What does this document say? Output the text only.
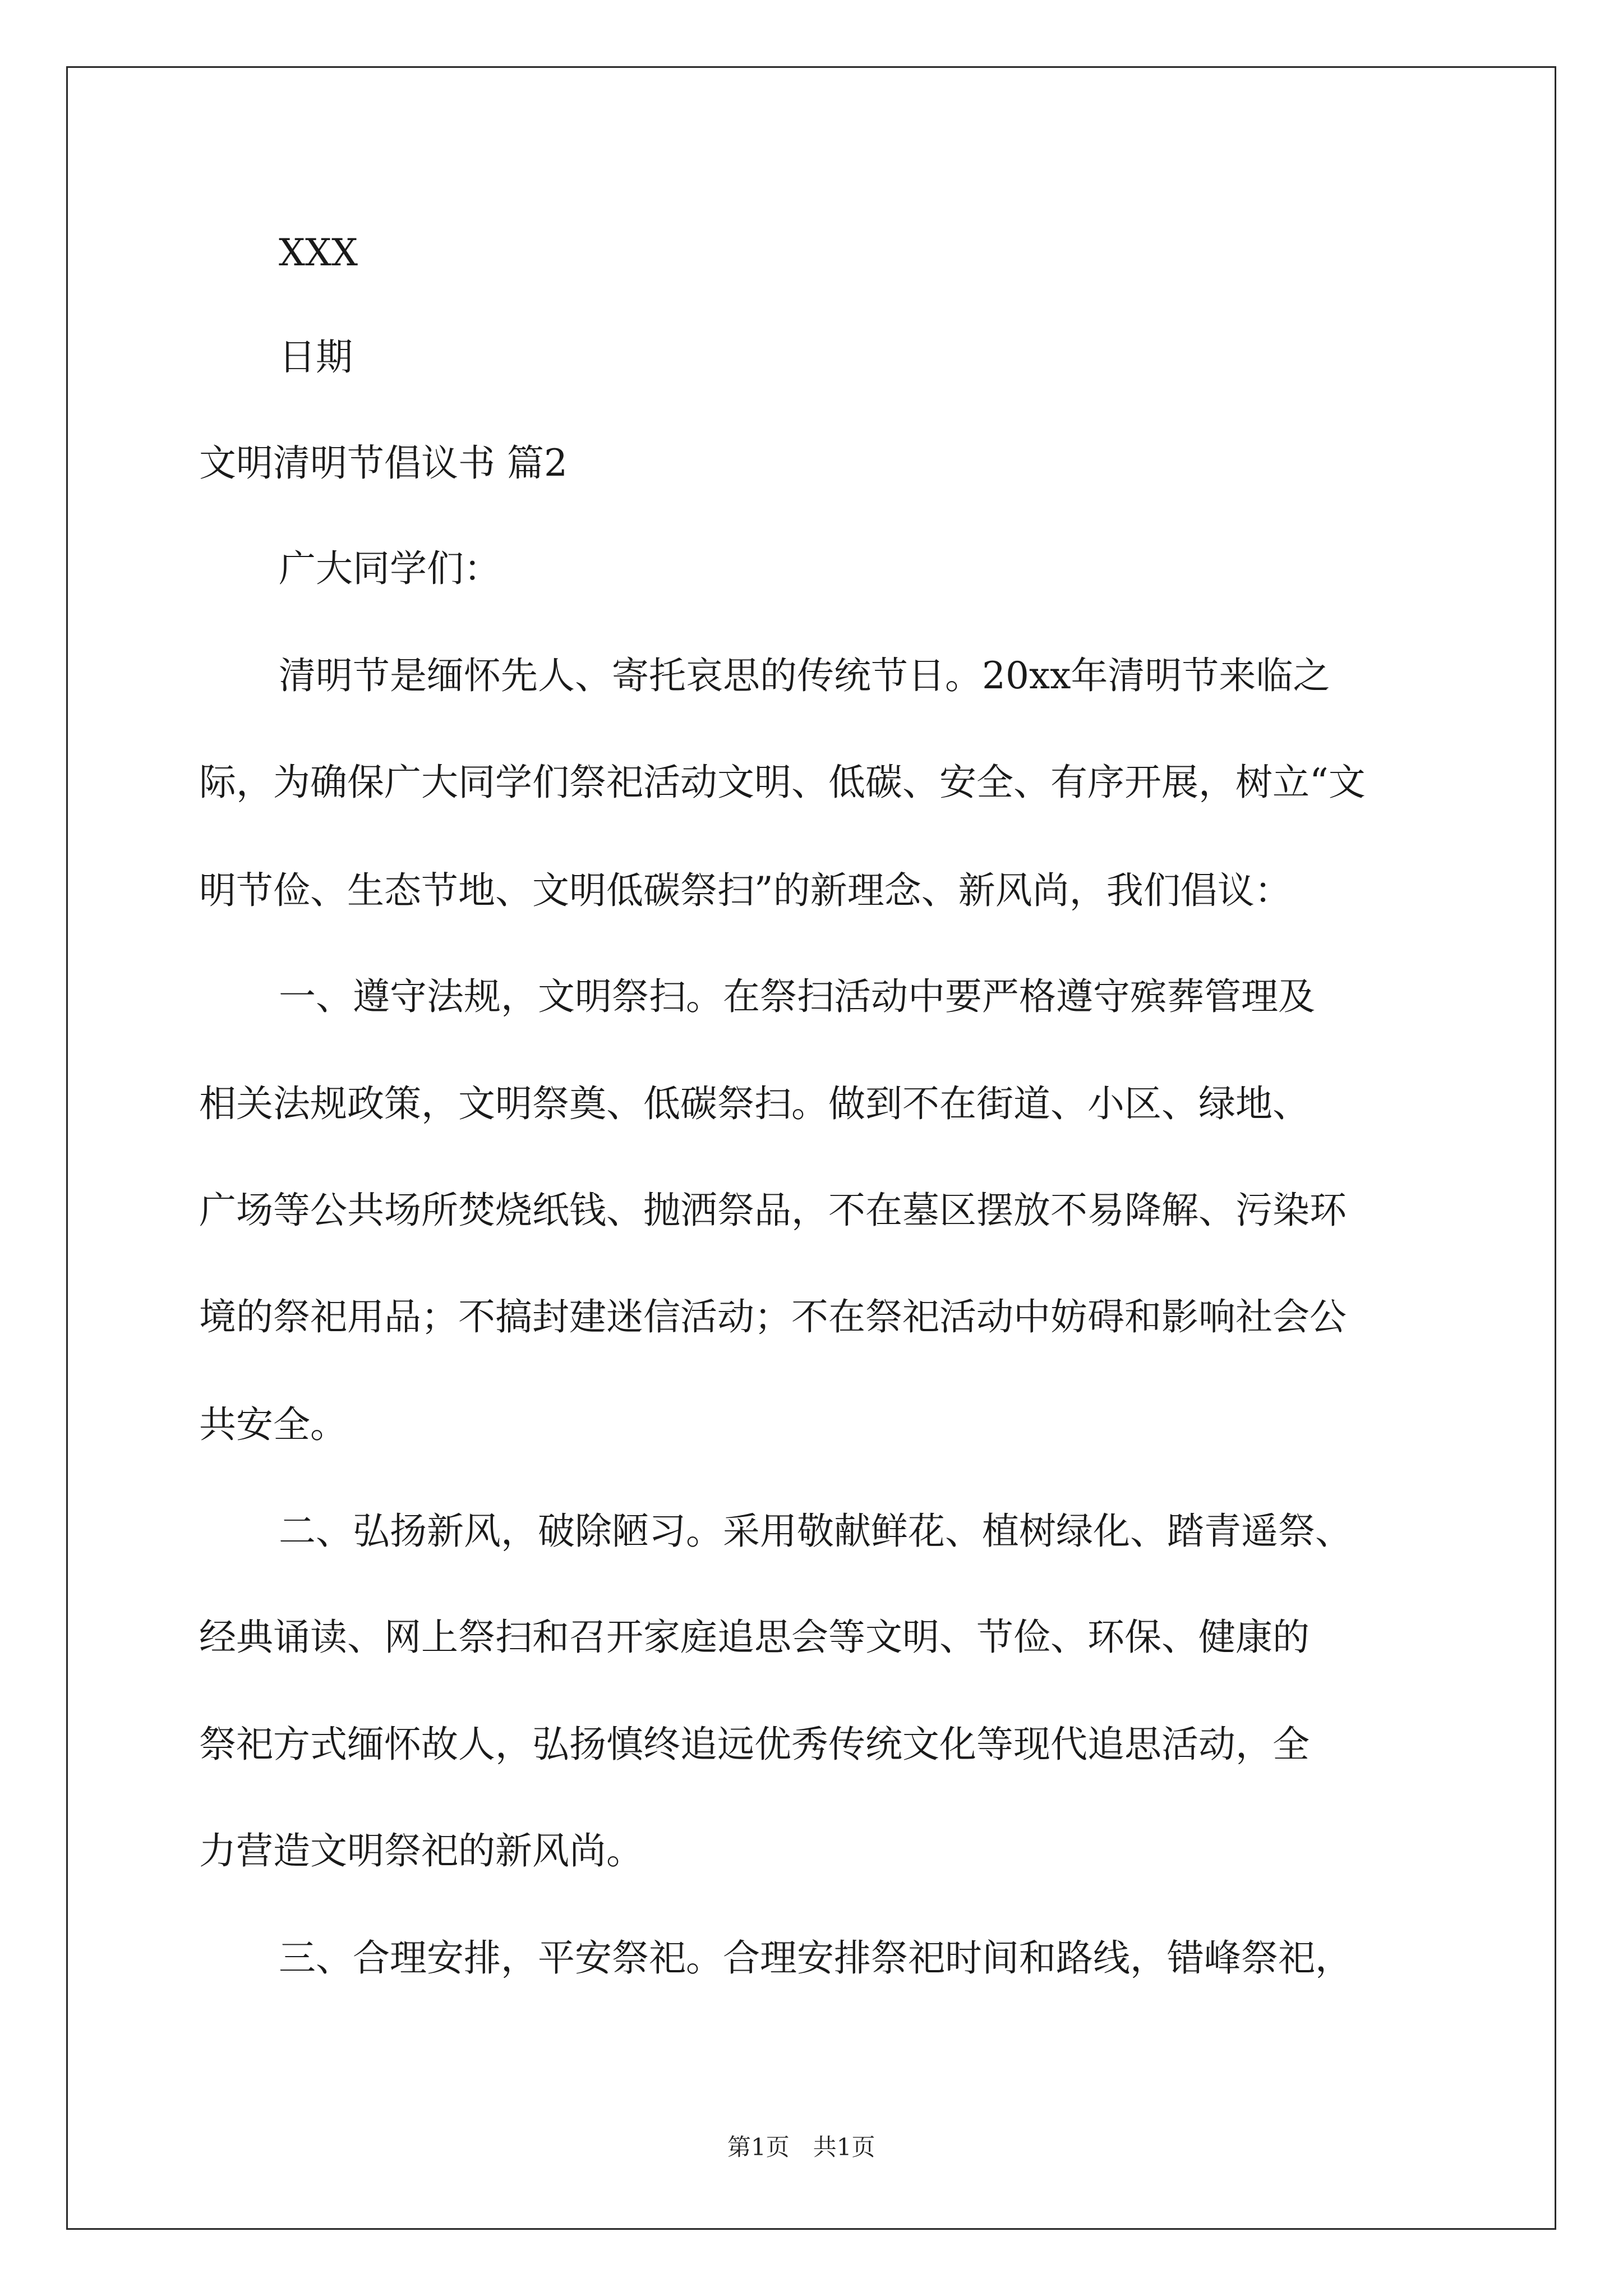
XXX
日期
文明清明节倡议书 篇2
广大同学们：
清明节是缅怀先人、寄托哀思的传统节日。20xx年清明节来临之
际，为确保广大同学们祭祀活动文明、低碳、安全、有序开展，树立“文
明节俭、生态节地、文明低碳祭扫”的新理念、新风尚，我们倡议：
一、遵守法规，文明祭扫。在祭扫活动中要严格遵守殡葬管理及
相关法规政策，文明祭奠、低碳祭扫。做到不在街道、小区、绿地、
广场等公共场所焚烧纸钱、抛洒祭品，不在墓区摆放不易降解、污染环
境的祭祀用品；不搞封建迷信活动；不在祭祀活动中妨碍和影响社会公
共安全。
二、弘扬新风，破除陋习。采用敬献鲜花、植树绿化、踏青遥祭、
经典诵读、网上祭扫和召开家庭追思会等文明、节俭、环保、健康的
祭祀方式缅怀故人，弘扬慎终追远优秀传统文化等现代追思活动，全
力营造文明祭祀的新风尚。
三、合理安排，平安祭祀。合理安排祭祀时间和路线，错峰祭祀，
第1页　共1页
